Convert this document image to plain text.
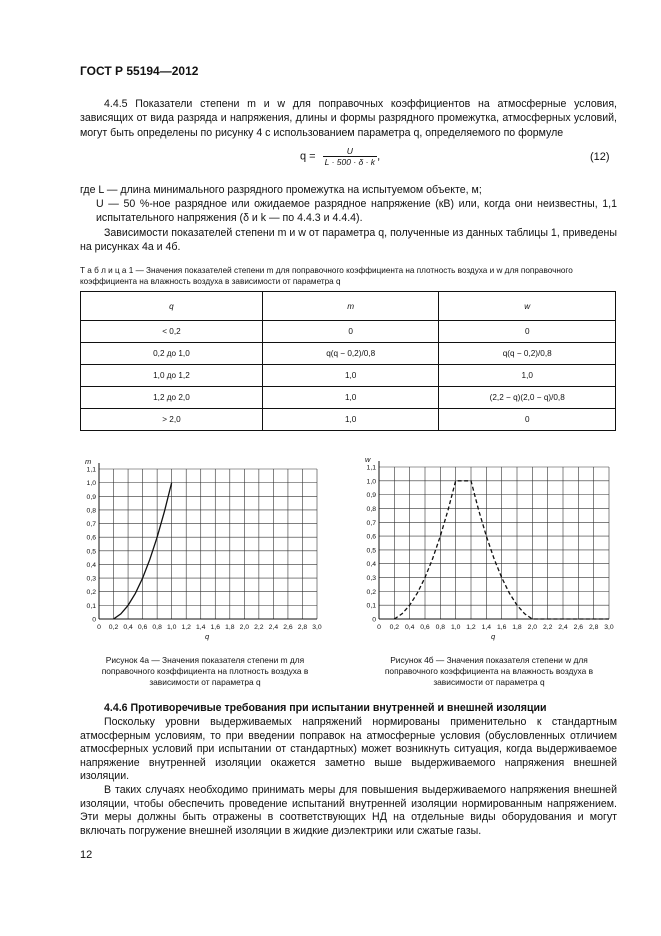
ГОСТ Р 55194—2012
4.4.5 Показатели степени m и w для поправочных коэффициентов на атмосферные условия, зависящих от вида разряда и напряжения, длины и формы разрядного промежутка, атмосферных условий, могут быть определены по рисунку 4 с использованием параметра q, определяемого по формуле
$q = \frac{U}{L \cdot 500 \cdot \delta \cdot k}$ ,	(12)
где L — длина минимального разрядного промежутка на испытуемом объекте, м;
U — 50 %-ное разрядное или ожидаемое разрядное напряжение (кВ) или, когда они неизвестны, 1,1 испытательного напряжения (δ и k — по 4.4.3 и 4.4.4).
Зависимости показателей степени m и w от параметра q, полученные из данных таблицы 1, приведены на рисунках 4а и 4б.
Т а б л и ц а 1 — Значения показателей степени m для поправочного коэффициента на плотность воздуха и w для поправочного коэффициента на влажность воздуха в зависимости от параметра q
q	m	w
< 0,2	0	0
0,2 до 1,0	q(q − 0,2)/0,8	q(q − 0,2)/0,8
1,0 до 1,2	1,0	1,0
1,2 до 2,0	1,0	(2,2 − q)(2,0 − q)/0,8
> 2,0	1,0	0
0 0,2 0,4 0,6 0,8 1,0 1,2 1,4 1,6 1,8 2,0 2,2 2,4 2,6 2,8 3,0
0
0,1
0,2
0,3
0,4
0,5
0,6
0,7
0,8
0,9
1,0
1,1
m
q
0 0,2 0,4 0,6 0,8 1,0 1,2 1,4 1,6 1,8 2,0 2,2 2,4 2,6 2,8 3,0
0
0,1
0,2
0,3
0,4
0,5
0,6
0,7
0,8
0,9
1,0
1,1
w
q
Рисунок 4а — Значения показателя степени m для поправочного коэффициента на плотность воздуха в зависимости от параметра q
Рисунок 4б — Значения показателя степени w для поправочного коэффициента на влажность воздуха в зависимости от параметра q
4.4.6 Противоречивые требования при испытании внутренней и внешней изоляции
Поскольку уровни выдерживаемых напряжений нормированы применительно к стандартным атмосферным условиям, то при введении поправок на атмосферные условия (обусловленных отличием атмосферных условий при испытании от стандартных) может возникнуть ситуация, когда выдерживаемое напряжение внутренней изоляции окажется заметно выше выдерживаемого напряжения внешней изоляции.
В таких случаях необходимо принимать меры для повышения выдерживаемого напряжения внешней изоляции, чтобы обеспечить проведение испытаний внутренней изоляции нормированным напряжением. Эти меры должны быть отражены в соответствующих НД на отдельные виды оборудования и могут включать погружение внешней изоляции в жидкие диэлектрики или сжатые газы.
12
